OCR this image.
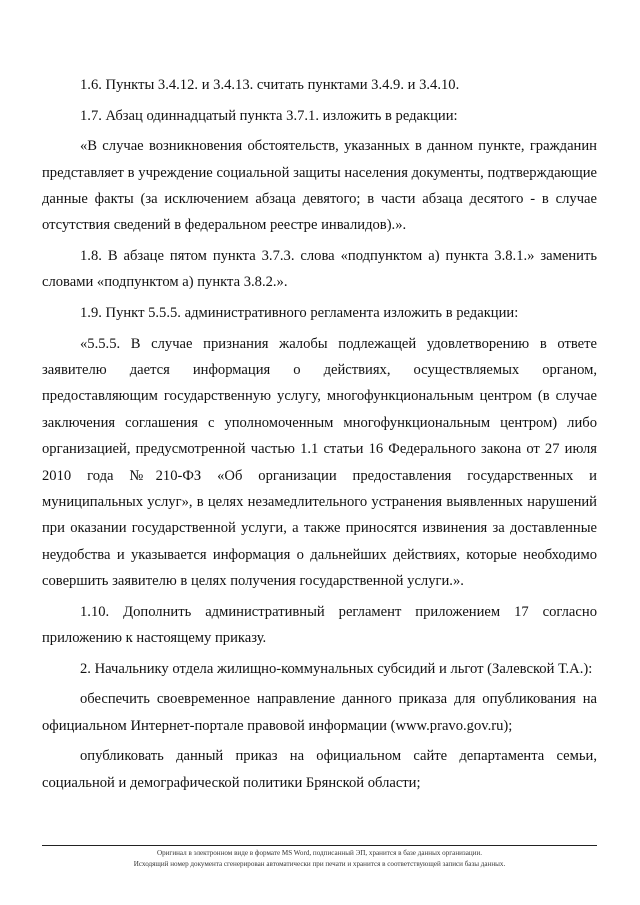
1.6. Пункты 3.4.12. и 3.4.13. считать пунктами 3.4.9. и 3.4.10.

1.7. Абзац одиннадцатый пункта 3.7.1. изложить в редакции:

«В случае возникновения обстоятельств, указанных в данном пункте, гражданин представляет в учреждение социальной защиты населения документы, подтверждающие данные факты (за исключением абзаца девятого; в части абзаца десятого - в случае отсутствия сведений в федеральном реестре инвалидов).».

1.8. В абзаце пятом пункта 3.7.3. слова «подпунктом а) пункта 3.8.1.» заменить словами «подпунктом а) пункта 3.8.2.».

1.9. Пункт 5.5.5. административного регламента изложить в редакции:

«5.5.5. В случае признания жалобы подлежащей удовлетворению в ответе заявителю дается информация о действиях, осуществляемых органом, предоставляющим государственную услугу, многофункциональным центром (в случае заключения соглашения с уполномоченным многофункциональным центром) либо организацией, предусмотренной частью 1.1 статьи 16 Федерального закона от 27 июля 2010 года №210-ФЗ «Об организации предоставления государственных и муниципальных услуг», в целях незамедлительного устранения выявленных нарушений при оказании государственной услуги, а также приносятся извинения за доставленные неудобства и указывается информация о дальнейших действиях, которые необходимо совершить заявителю в целях получения государственной услуги.».

1.10. Дополнить административный регламент приложением 17 согласно приложению к настоящему приказу.

2. Начальнику отдела жилищно-коммунальных субсидий и льгот (Залевской Т.А.):

обеспечить своевременное направление данного приказа для опубликования на официальном Интернет-портале правовой информации (www.pravo.gov.ru);

опубликовать данный приказ на официальном сайте департамента семьи, социальной и демографической политики Брянской области;

Оригинал в электронном виде в формате MS Word, подписанный ЭП, хранится в базе данных организации.
Исходящий номер документа сгенерирован автоматически при печати и хранится в соответствующей записи базы данных.
